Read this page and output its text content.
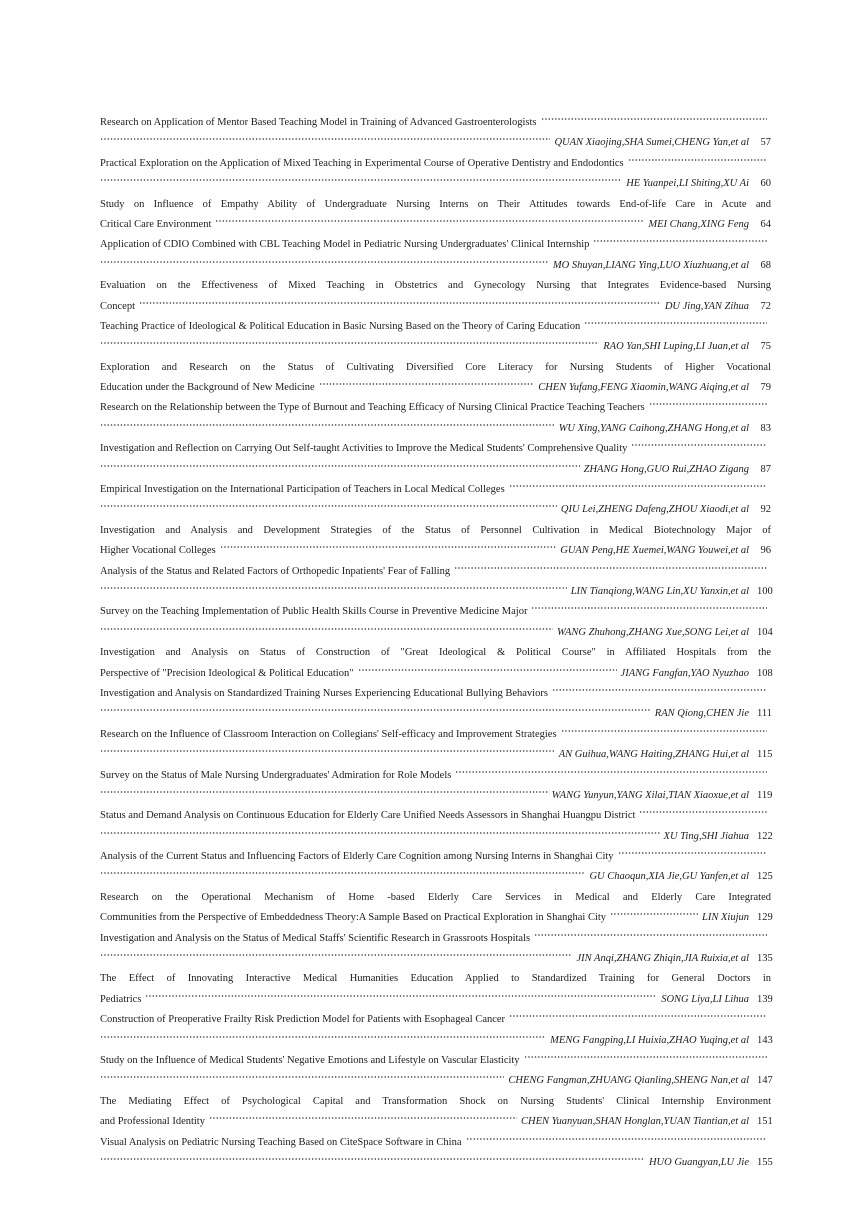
Research on Application of Mentor Based Teaching Model in Training of Advanced Gastroenterologists
QUAN Xiaojing,SHA Sumei,CHENG Yan,et al	57
Practical Exploration on the Application of Mixed Teaching in Experimental Course of Operative Dentistry and Endodontics
HE Yuanpei,LI Shiting,XU Ai	60
Study on Influence of Empathy Ability of Undergraduate Nursing Interns on Their Attitudes towards End-of-life Care in Acute and
Critical Care Environment	MEI Chang,XING Feng	64
Application of CDIO Combined with CBL Teaching Model in Pediatric Nursing Undergraduates' Clinical Internship
MO Shuyan,LIANG Ying,LUO Xiuzhuang,et al	68
Evaluation on the Effectiveness of Mixed Teaching in Obstetrics and Gynecology Nursing that Integrates Evidence-based Nursing
Concept	DU Jing,YAN Zihua	72
Teaching Practice of Ideological & Political Education in Basic Nursing Based on the Theory of Caring Education
RAO Yan,SHI Luping,LI Juan,et al	75
Exploration and Research on the Status of Cultivating Diversified Core Literacy for Nursing Students of Higher Vocational
Education under the Background of New Medicine	CHEN Yufang,FENG Xiaomin,WANG Aiqing,et al	79
Research on the Relationship between the Type of Burnout and Teaching Efficacy of Nursing Clinical Practice Teaching Teachers
WU Xing,YANG Caihong,ZHANG Hong,et al	83
Investigation and Reflection on Carrying Out Self-taught Activities to Improve the Medical Students' Comprehensive Quality
ZHANG Hong,GUO Rui,ZHAO Zigang	87
Empirical Investigation on the International Participation of Teachers in Local Medical Colleges
QIU Lei,ZHENG Dafeng,ZHOU Xiaodi,et al	92
Investigation and Analysis and Development Strategies of the Status of Personnel Cultivation in Medical Biotechnology Major of
Higher Vocational Colleges	GUAN Peng,HE Xuemei,WANG Youwei,et al	96
Analysis of the Status and Related Factors of Orthopedic Inpatients' Fear of Falling
LIN Tianqiong,WANG Lin,XU Yanxin,et al 100
Survey on the Teaching Implementation of Public Health Skills Course in Preventive Medicine Major
WANG Zhuhong,ZHANG Xue,SONG Lei,et al 104
Investigation and Analysis on Status of Construction of "Great Ideological & Political Course" in Affiliated Hospitals from the
Perspective of "Precision Ideological & Political Education"	JIANG Fangfan,YAO Nyuzhao 108
Investigation and Analysis on Standardized Training Nurses Experiencing Educational Bullying Behaviors
RAN Qiong,CHEN Jie 111
Research on the Influence of Classroom Interaction on Collegians' Self-efficacy and Improvement Strategies
AN Guihua,WANG Haiting,ZHANG Hui,et al 115
Survey on the Status of Male Nursing Undergraduates' Admiration for Role Models
WANG Yunyun,YANG Xilai,TIAN Xiaoxue,et al 119
Status and Demand Analysis on Continuous Education for Elderly Care Unified Needs Assessors in Shanghai Huangpu District
XU Ting,SHI Jiahua 122
Analysis of the Current Status and Influencing Factors of Elderly Care Cognition among Nursing Interns in Shanghai City
GU Chaoqun,XIA Jie,GU Yanfen,et al 125
Research on the Operational Mechanism of Home -based Elderly Care Services in Medical and Elderly Care Integrated
Communities from the Perspective of Embeddedness Theory:A Sample Based on Practical Exploration in Shanghai City	LIN Xiujun 129
Investigation and Analysis on the Status of Medical Staffs' Scientific Research in Grassroots Hospitals
JIN Anqi,ZHANG Zhiqin,JIA Ruixia,et al 135
The Effect of Innovating Interactive Medical Humanities Education Applied to Standardized Training for General Doctors in
Pediatrics	SONG Liya,LI Lihua 139
Construction of Preoperative Frailty Risk Prediction Model for Patients with Esophageal Cancer
MENG Fangping,LI Huixia,ZHAO Yuqing,et al 143
Study on the Influence of Medical Students' Negative Emotions and Lifestyle on Vascular Elasticity
CHENG Fangman,ZHUANG Qianling,SHENG Nan,et al 147
The Mediating Effect of Psychological Capital and Transformation Shock on Nursing Students' Clinical Internship Environment
and Professional Identity	CHEN Yuanyuan,SHAN Honglan,YUAN Tiantian,et al 151
Visual Analysis on Pediatric Nursing Teaching Based on CiteSpace Software in China
HUO Guangyan,LU Jie 155
